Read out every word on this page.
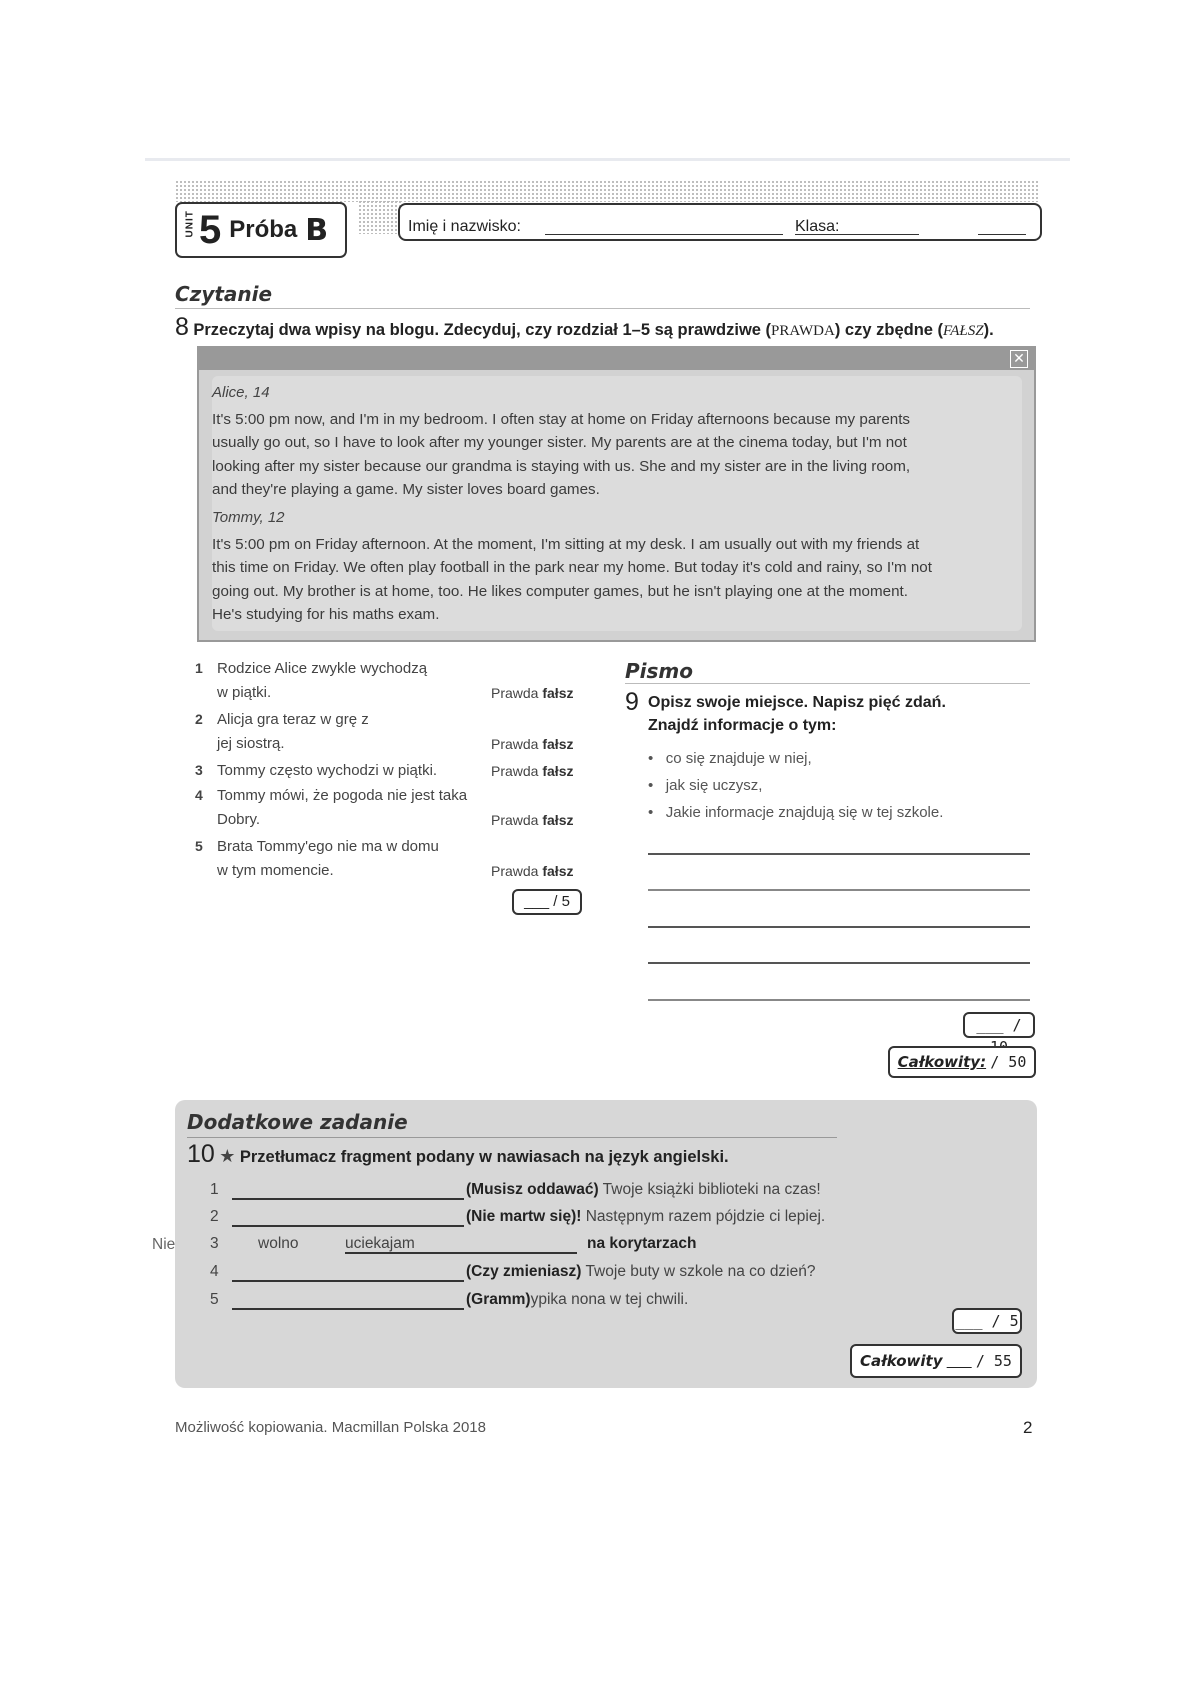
UNIT 5 Próba B	Imię i nazwisko:	Klasa:
Czytanie
8 Przeczytaj dwa wpisy na blogu. Zdecyduj, czy rozdział 1–5 są prawdziwe (PRAWDA) czy zbędne (FAŁSZ).
✕
Alice, 14
It's 5:00 pm now, and I'm in my bedroom. I often stay at home on Friday afternoons because my parents
usually go out, so I have to look after my younger sister. My parents are at the cinema today, but I'm not
looking after my sister because our grandma is staying with us. She and my sister are in the living room,
and they're playing a game. My sister loves board games.
Tommy, 12
It's 5:00 pm on Friday afternoon. At the moment, I'm sitting at my desk. I am usually out with my friends at
this time on Friday. We often play football in the park near my home. But today it's cold and rainy, so I'm not
going out. My brother is at home, too. He likes computer games, but he isn't playing one at the moment.
He's studying for his maths exam.
1 Rodzice Alice zwykle wychodzą
w piątki.	Prawda fałsz
2 Alicja gra teraz w grę z
jej siostrą.	Prawda fałsz
3 Tommy często wychodzi w piątki.	Prawda fałsz
4 Tommy mówi, że pogoda nie jest taka
Dobry.	Prawda fałsz
5 Brata Tommy'ego nie ma w domu
w tym momencie.	Prawda fałsz
___ / 5
Pismo
9 Opisz swoje miejsce. Napisz pięć zdań.
Znajdź informacje o tym:
•   co się znajduje w niej,
•   jak się uczysz,
•   Jakie informacje znajdują się w tej szkole.
___ /
Całkowity: / 50
Dodatkowe zadanie
10 ★ Przetłumacz fragment podany w nawiasach na język angielski.
1	(Musisz oddawać) Twoje książki biblioteki na czas!
2	(Nie martw się)! Następnym razem pójdzie ci lepiej.
3	wolno	uciekajam	na korytarzach
4	(Czy zmieniasz) Twoje buty w szkole na co dzień?
5	(Gramm)ypika nona w tej chwili.
___ / 5
Całkowity / 55
Nie
Możliwość kopiowania. Macmillan Polska 2018	2
